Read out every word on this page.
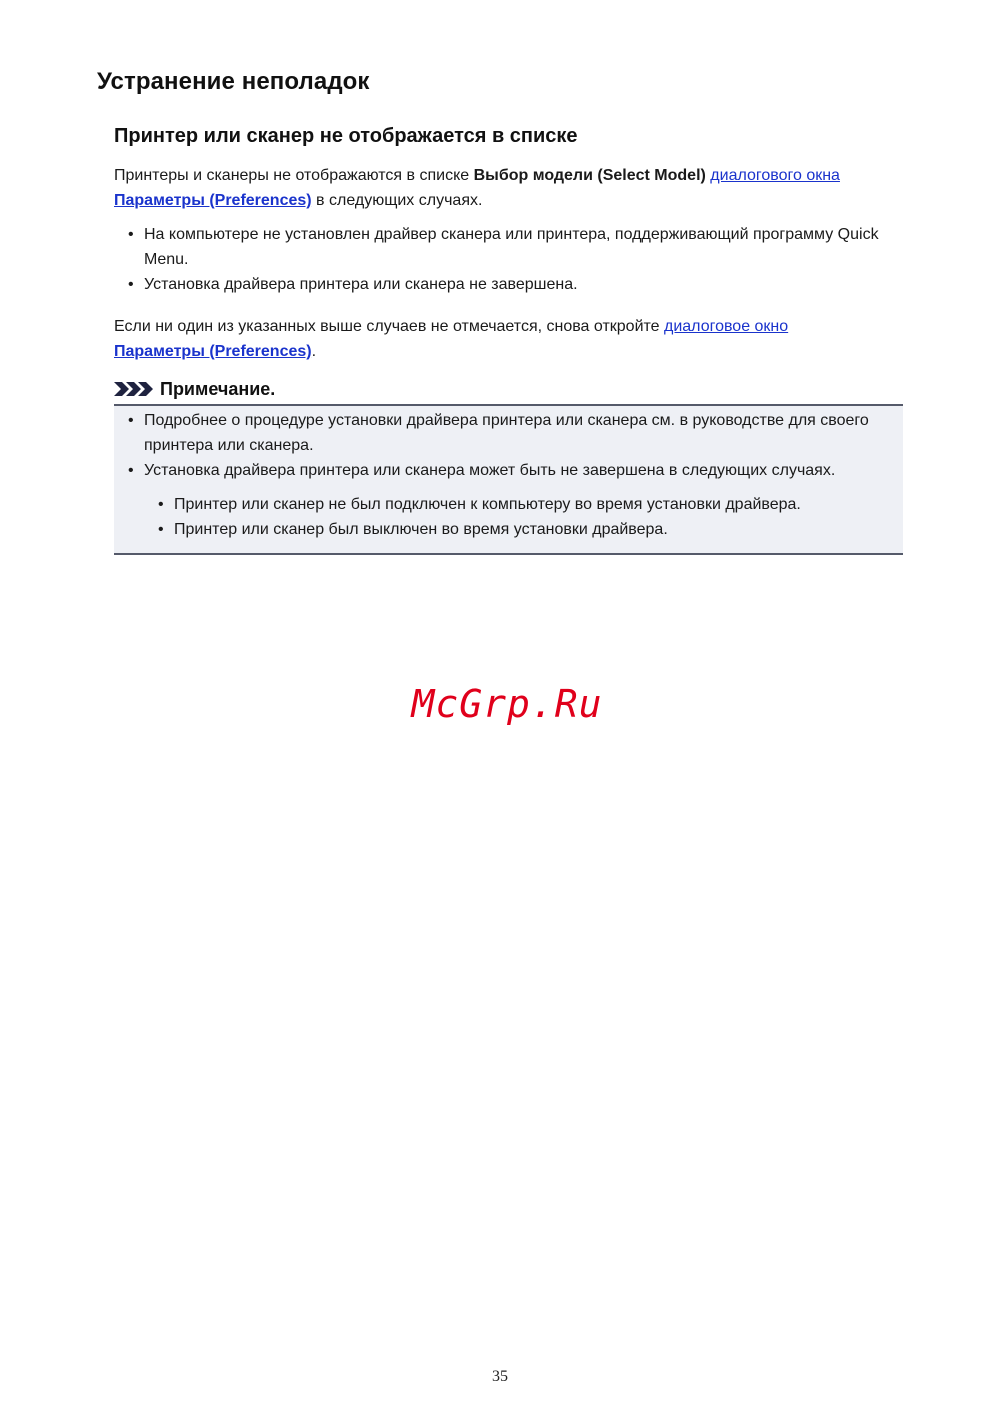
Устранение неполадок
Принтер или сканер не отображается в списке

Принтеры и сканеры не отображаются в списке Выбор модели (Select Model) диалогового окна
Параметры (Preferences) в следующих случаях.

• На компьютере не установлен драйвер сканера или принтера, поддерживающий программу Quick Menu.
• Установка драйвера принтера или сканера не завершена.

Если ни один из указанных выше случаев не отмечается, снова откройте диалоговое окно
Параметры (Preferences).

Примечание.
• Подробнее о процедуре установки драйвера принтера или сканера см. в руководстве для своего принтера или сканера.
• Установка драйвера принтера или сканера может быть не завершена в следующих случаях.
• Принтер или сканер не был подключен к компьютеру во время установки драйвера.
• Принтер или сканер был выключен во время установки драйвера.
McGrp.Ru
35
